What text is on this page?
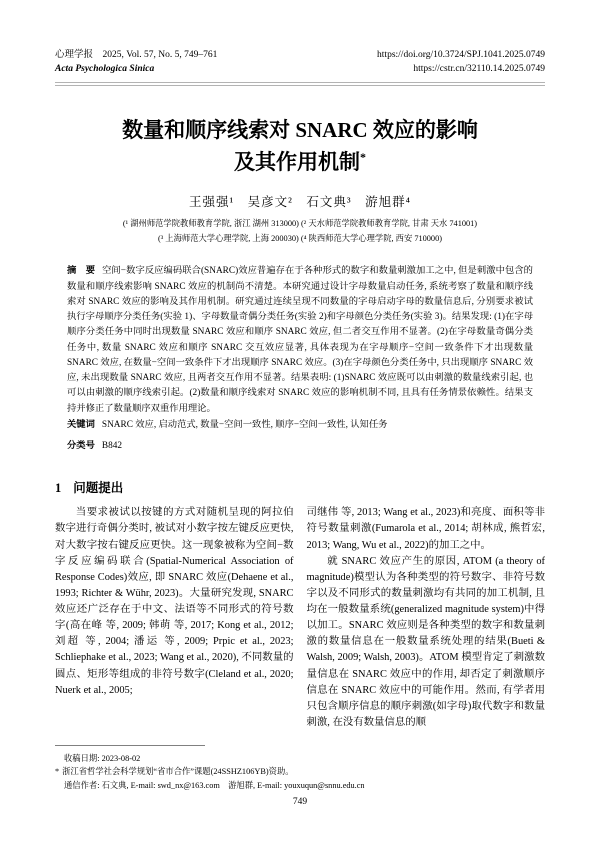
心理学报　2025, Vol. 57, No. 5, 749–761
Acta Psychologica Sinica
https://doi.org/10.3724/SPJ.1041.2025.0749
https://cstr.cn/32110.14.2025.0749
数量和顺序线索对 SNARC 效应的影响
及其作用机制*
王强强¹　吴彦文²　石文典³　游旭群⁴
(¹ 湖州师范学院教师教育学院, 浙江 湖州 313000) (² 天水师范学院教师教育学院, 甘肃 天水 741001)
(³ 上海师范大学心理学院, 上海 200030) (⁴ 陕西师范大学心理学院, 西安 710000)

摘　要 空间−数字反应编码联合(SNARC)效应普遍存在于各种形式的数字和数量刺激加工之中, 但是刺激中包含的数量和顺序线索影响 SNARC 效应的机制尚不清楚。本研究通过设计字母数量启动任务, 系统考察了数量和顺序线索对 SNARC 效应的影响及其作用机制。研究通过连续呈现不同数量的字母启动字母的数量信息后, 分别要求被试执行字母顺序分类任务(实验 1)、字母数量奇偶分类任务(实验 2)和字母颜色分类任务(实验 3)。结果发现: (1)在字母顺序分类任务中同时出现数量 SNARC 效应和顺序 SNARC 效应, 但二者交互作用不显著。(2)在字母数量奇偶分类任务中, 数量 SNARC 效应和顺序 SNARC 交互效应显著, 具体表现为在字母顺序−空间一致条件下才出现数量 SNARC 效应, 在数量−空间一致条件下才出现顺序 SNARC 效应。(3)在字母颜色分类任务中, 只出现顺序 SNARC 效应, 未出现数量 SNARC 效应, 且两者交互作用不显著。结果表明: (1)SNARC 效应既可以由刺激的数量线索引起, 也可以由刺激的顺序线索引起。(2)数量和顺序线索对 SNARC 效应的影响机制不同, 且具有任务情景依赖性。结果支持并修正了数量顺序双重作用理论。

关键词 SNARC 效应, 启动范式, 数量−空间一致性, 顺序−空间一致性, 认知任务

分类号 B842

1 问题提出

当要求被试以按键的方式对随机呈现的阿拉伯数字进行奇偶分类时, 被试对小数字按左键反应更快, 对大数字按右键反应更快。这一现象被称为空间−数字反应编码联合(Spatial-Numerical Association of Response Codes)效应, 即 SNARC 效应(Dehaene et al., 1993; Richter & Wühr, 2023)。大量研究发现, SNARC 效应还广泛存在于中文、法语等不同形式的符号数字(高在峰 等, 2009; 韩萌 等, 2017; Kong et al., 2012; 刘超 等, 2004; 潘运 等, 2009; Prpic et al., 2023; Schliephake et al., 2023; Wang et al., 2020), 不同数量的圆点、矩形等组成的非符号数字(Cleland et al., 2020; Nuerk et al., 2005;

司继伟 等, 2013; Wang et al., 2023)和亮度、面积等非符号数量刺激(Fumarola et al., 2014; 胡林成, 熊哲宏, 2013; Wang, Wu et al., 2022)的加工之中。

就 SNARC 效应产生的原因, ATOM (a theory of magnitude)模型认为各种类型的符号数字、非符号数字以及不同形式的数量刺激均有共同的加工机制, 且均在一般数量系统(generalized magnitude system)中得以加工。SNARC 效应则是各种类型的数字和数量刺激的数量信息在一般数量系统处理的结果(Bueti & Walsh, 2009; Walsh, 2003)。ATOM 模型肯定了刺激数量信息在 SNARC 效应中的作用, 却否定了刺激顺序信息在 SNARC 效应中的可能作用。然而, 有学者用只包含顺序信息的顺序刺激(如字母)取代数字和数量刺激, 在没有数量信息的顺

收稿日期: 2023-08-02
* 浙江省哲学社会科学规划“省市合作”课题(24SSHZ106YB)资助。
通信作者: 石文典, E-mail: swd_nx@163.com　游旭群, E-mail: youxuqun@snnu.edu.cn
749
